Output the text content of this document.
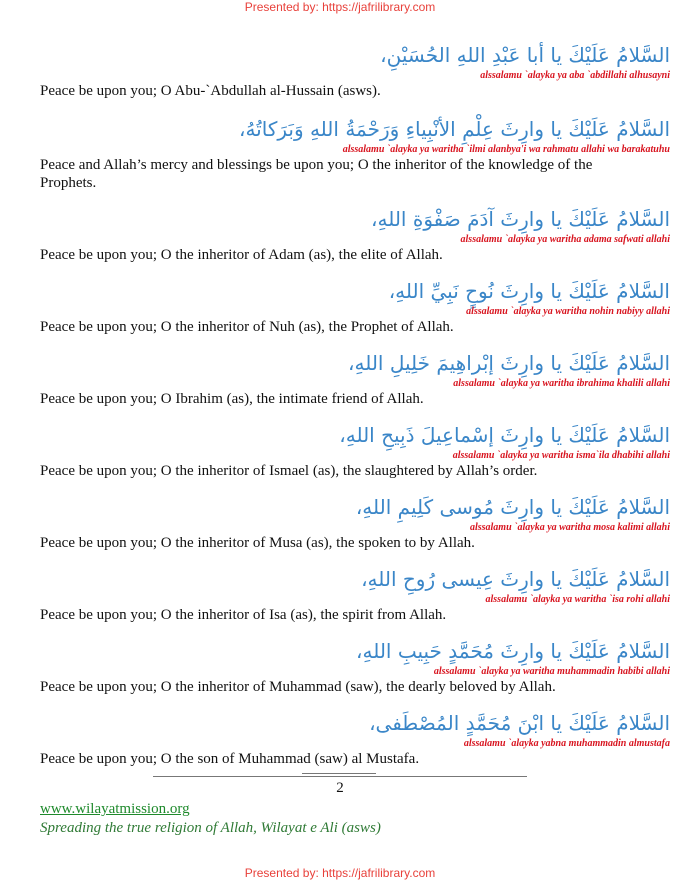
Presented by: https://jafrilibrary.com
السَّلامُ عَلَيْكَ يا أبا عَبْدِ اللهِ الحُسَيْنِ،
alssalamu `alayka ya aba `abdillahi alhusayni
Peace be upon you; O Abu-`Abdullah al-Hussain (asws).
السَّلامُ عَلَيْكَ يا وارِثَ عِلْمِ الأنْبِياءِ وَرَحْمَةُ اللهِ وَبَرَكاتُهُ،
alssalamu `alayka ya waritha `ilmi alanbya'i wa rahmatu allahi wa barakatuhu
Peace and Allah’s mercy and blessings be upon you; O the inheritor of the knowledge of the Prophets.
السَّلامُ عَلَيْكَ يا وارِثَ آدَمَ صَفْوَةِ اللهِ،
alssalamu `alayka ya waritha adama safwati allahi
Peace be upon you; O the inheritor of Adam (as), the elite of Allah.
السَّلامُ عَلَيْكَ يا وارِثَ نُوحٍ نَبِيِّ اللهِ،
alssalamu `alayka ya waritha nohin nabiyy allahi
Peace be upon you; O the inheritor of Nuh (as), the Prophet of Allah.
السَّلامُ عَلَيْكَ يا وارِثَ إبْراهِيمَ خَلِيلِ اللهِ،
alssalamu `alayka ya waritha ibrahima khalili allahi
Peace be upon you; O Ibrahim (as), the intimate friend of Allah.
السَّلامُ عَلَيْكَ يا وارِثَ إسْماعِيلَ ذَبِيحِ اللهِ،
alssalamu `alayka ya waritha isma`ila dhabihi allahi
Peace be upon you; O the inheritor of Ismael (as), the slaughtered by Allah’s order.
السَّلامُ عَلَيْكَ يا وارِثَ مُوسى كَلِيمِ اللهِ،
alssalamu `alayka ya waritha mosa kalimi allahi
Peace be upon you; O the inheritor of Musa (as), the spoken to by Allah.
السَّلامُ عَلَيْكَ يا وارِثَ عِيسى رُوحِ اللهِ،
alssalamu `alayka ya waritha `isa rohi allahi
Peace be upon you; O the inheritor of Isa (as), the spirit from Allah.
السَّلامُ عَلَيْكَ يا وارِثَ مُحَمَّدٍ حَبِيبِ اللهِ،
alssalamu `alayka ya waritha muhammadin habibi allahi
Peace be upon you; O the inheritor of Muhammad (saw), the dearly beloved by Allah.
السَّلامُ عَلَيْكَ يا ابْنَ مُحَمَّدٍ المُصْطَفى،
alssalamu `alayka yabna muhammadin almustafa
Peace be upon you; O the son of Muhammad (saw) al Mustafa.
2
www.wilayatmission.org
Spreading the true religion of Allah, Wilayat e Ali (asws)
Presented by: https://jafrilibrary.com
